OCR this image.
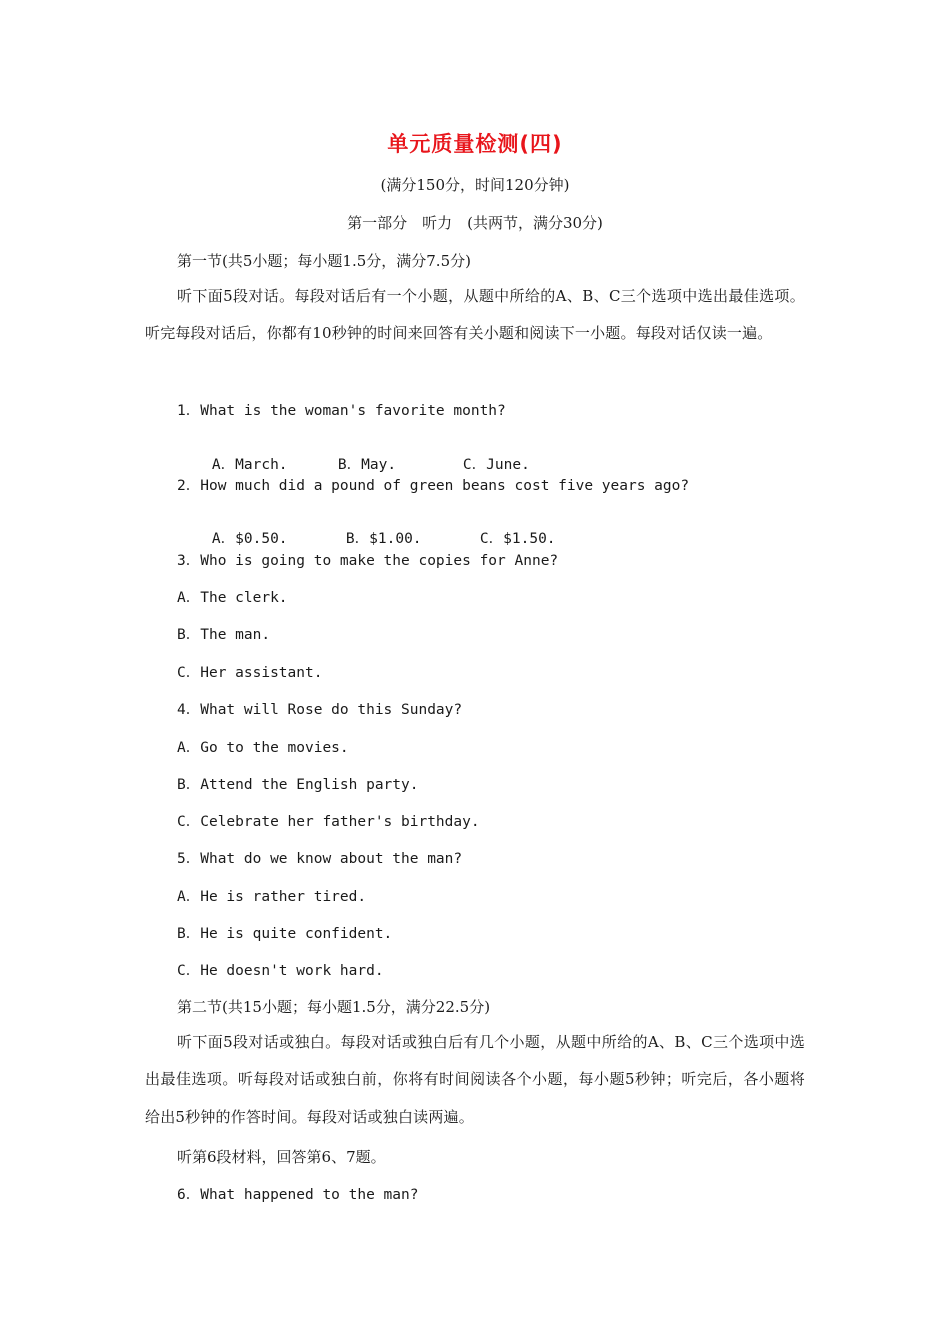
单元质量检测(四)
(满分150分，时间120分钟)
第一部分　听力　(共两节，满分30分)
第一节(共5小题；每小题1.5分，满分7.5分)
听下面5段对话。每段对话后有一个小题，从题中所给的A、B、C三个选项中选出最佳选项。听完每段对话后，你都有10秒钟的时间来回答有关小题和阅读下一小题。每段对话仅读一遍。
1．What is the woman's favorite month?

A．March.	B．May.	C．June.

2．How much did a pound of green beans cost five years ago?

A．$0.50.	B．$1.00.	C．$1.50.

3．Who is going to make the copies for Anne?
A．The clerk.
B．The man.
C．Her assistant.
4．What will Rose do this Sunday?
A．Go to the movies.
B．Attend the English party.
C．Celebrate her father's birthday.
5．What do we know about the man?
A．He is rather tired.
B．He is quite confident.
C．He doesn't work hard.
第二节(共15小题；每小题1.5分，满分22.5分)
听下面5段对话或独白。每段对话或独白后有几个小题，从题中所给的A、B、C三个选项中选出最佳选项。听每段对话或独白前，你将有时间阅读各个小题，每小题5秒钟；听完后，各小题将给出5秒钟的作答时间。每段对话或独白读两遍。
听第6段材料，回答第6、7题。
6．What happened to the man?
